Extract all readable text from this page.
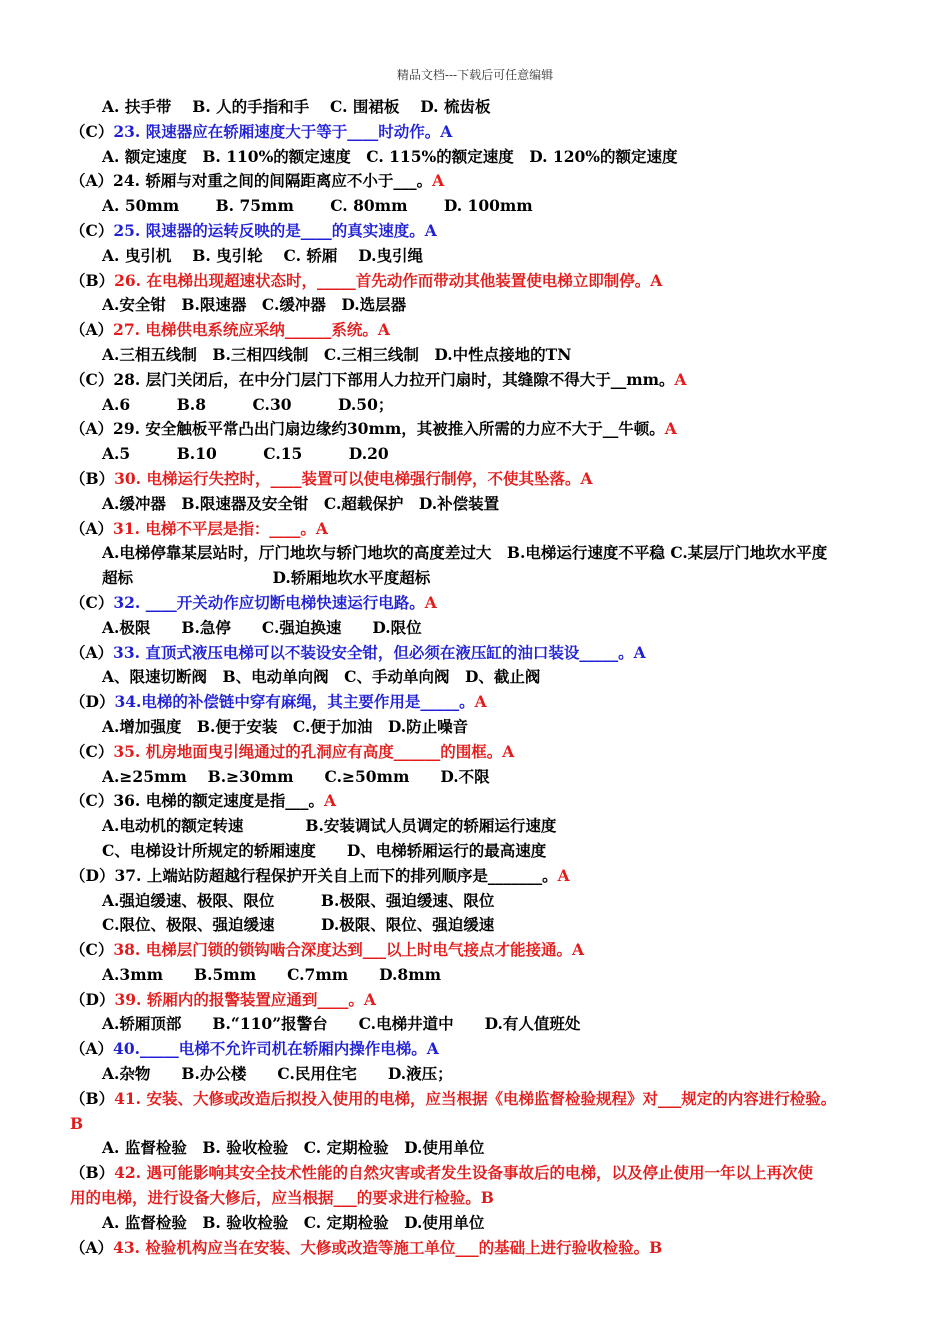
精品文档---下载后可任意编辑
A. 扶手带　 B. 人的手指和手　 C. 围裙板　 D. 梳齿板
（C）23. 限速器应在轿厢速度大于等于____时动作。A
A. 额定速度　B. 110%的额定速度　C. 115%的额定速度　D. 120%的额定速度
（A）24. 轿厢与对重之间的间隔距离应不小于___。A
A. 50mm　　 B. 75mm　　 C. 80mm　　 D. 100mm
（C）25. 限速器的运转反映的是____的真实速度。A
A. 曳引机　 B. 曳引轮　 C. 轿厢　 D.曳引绳
（B）26. 在电梯出现超速状态时，_____首先动作而带动其他装置使电梯立即制停。A
A.安全钳　B.限速器　C.缓冲器　D.选层器
（A）27. 电梯供电系统应采纳______系统。A
A.三相五线制　B.三相四线制　C.三相三线制　D.中性点接地的TN
（C）28. 层门关闭后，在中分门层门下部用人力拉开门扇时，其缝隙不得大于__mm。A
A.6　　　B.8　　　C.30　　　D.50；
（A）29. 安全触板平常凸出门扇边缘约30mm，其被推入所需的力应不大于__牛顿。A
A.5　　　B.10　　　C.15　　　D.20
（B）30. 电梯运行失控时，____装置可以使电梯强行制停，不使其坠落。A
A.缓冲器　B.限速器及安全钳　C.超载保护　D.补偿装置
（A）31. 电梯不平层是指：____。A
A.电梯停靠某层站时，厅门地坎与轿门地坎的高度差过大　B.电梯运行速度不平稳 C.某层厅门地坎水平度
超标　　　　　　　　　D.轿厢地坎水平度超标
（C）32. ____开关动作应切断电梯快速运行电路。A
A.极限　　B.急停　　C.强迫换速　　D.限位
（A）33. 直顶式液压电梯可以不装设安全钳，但必须在液压缸的油口装设_____。A
A、限速切断阀　B、电动单向阀　C、手动单向阀　D、截止阀
（D）34.电梯的补偿链中穿有麻绳，其主要作用是_____。A
A.增加强度　B.便于安装　C.便于加油　D.防止噪音
（C）35. 机房地面曳引绳通过的孔洞应有高度______的围框。A
A.≥25mm　 B.≥30mm　　C.≥50mm　　D.不限
（C）36. 电梯的额定速度是指___。A
A.电动机的额定转速　　　　B.安装调试人员调定的轿厢运行速度
C、电梯设计所规定的轿厢速度　　D、电梯轿厢运行的最高速度
（D）37. 上端站防超越行程保护开关自上而下的排列顺序是_______。A
A.强迫缓速、极限、限位　　　B.极限、强迫缓速、限位
C.限位、极限、强迫缓速　　　D.极限、限位、强迫缓速
（C）38. 电梯层门锁的锁钩啮合深度达到___以上时电气接点才能接通。A
A.3mm　　B.5mm　　C.7mm　　D.8mm
（D）39. 轿厢内的报警装置应通到____。A
A.轿厢顶部　　B.“110”报警台　　C.电梯井道中　　D.有人值班处
（A）40._____电梯不允许司机在轿厢内操作电梯。A
A.杂物　　B.办公楼　　C.民用住宅　　D.液压；
（B）41. 安装、大修或改造后拟投入使用的电梯，应当根据《电梯监督检验规程》对___规定的内容进行检验。
B
A. 监督检验　B. 验收检验　C. 定期检验　D.使用单位
（B）42. 遇可能影响其安全技术性能的自然灾害或者发生设备事故后的电梯，以及停止使用一年以上再次使
用的电梯，进行设备大修后，应当根据___的要求进行检验。B
A. 监督检验　B. 验收检验　C. 定期检验　D.使用单位
（A）43. 检验机构应当在安装、大修或改造等施工单位___的基础上进行验收检验。B
